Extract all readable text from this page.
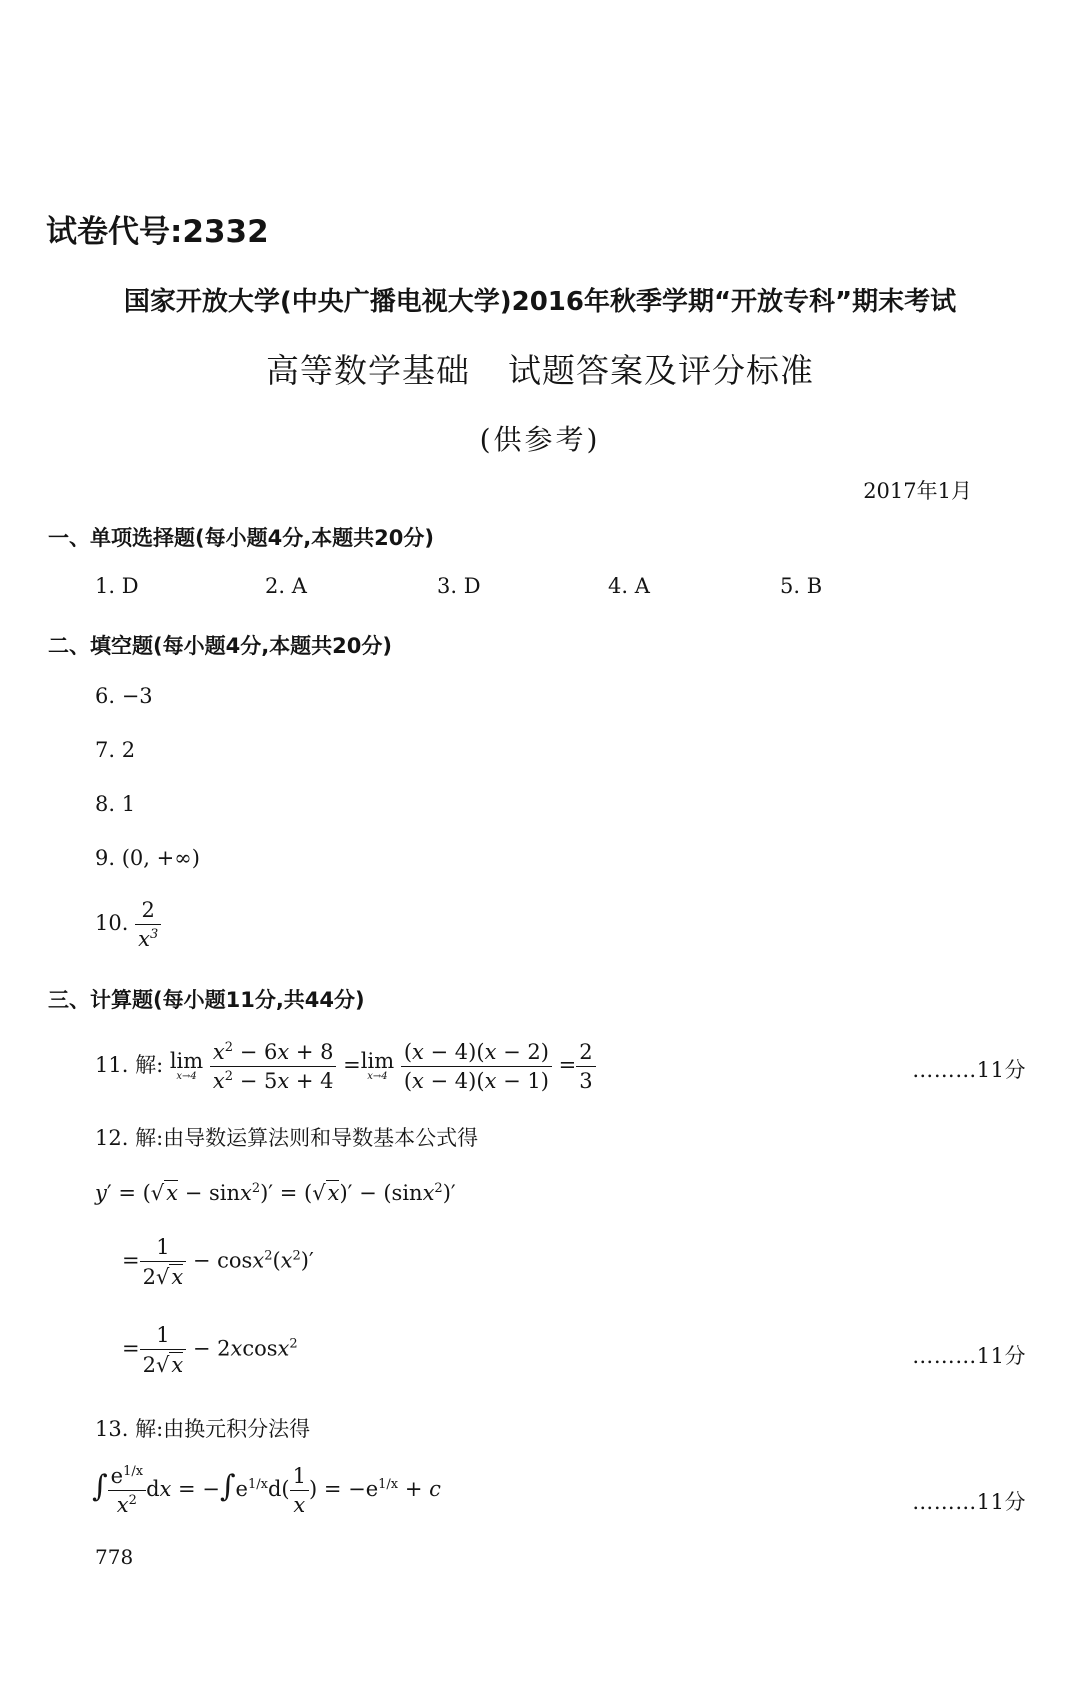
试卷代号:2332
国家开放大学(中央广播电视大学)2016年秋季学期“开放专科”期末考试
高等数学基础 试题答案及评分标准
(供参考)
2017年1月
一、单项选择题(每小题4分,本题共20分)
1. D	2. A	3. D	4. A	5. B
二、填空题(每小题4分,本题共20分)
6. −3
7. 2
8. 1
9. (0, +∞)
10. $\frac{2}{x^3}$
三、计算题(每小题11分,共44分)
11. 解: lim
x→4
$\frac{x^2 - 6x + 8}{x^2 - 5x + 4} =\lim$
x→4
$\frac{(x - 4)(x - 2)}{(x - 4)(x - 1)} = \frac{2}{3}$	………11分
12. 解:由导数运算法则和导数基本公式得
y′ = (√x − sinx$^2$)′ = (√x)′ − (sinx$^2$)′
= $\frac{1}{2√x} - \cos x^2(x^2)'$
= $\frac{1}{2√x} - 2xcosx^2$	………11分
13. 解:由换元积分法得
∫ $\frac{e^{1/x}}{x^2}$ dx = $-\int e^{1/x}d( \frac{1}{x}$ ) = $-e^{1/x} + c$
………11分
778
